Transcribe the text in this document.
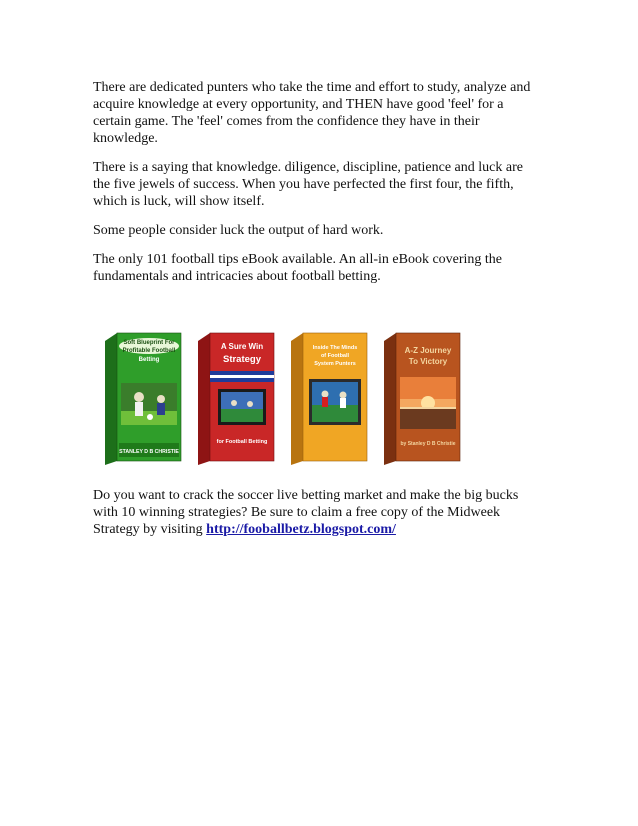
There are dedicated punters who take the time and effort to study, analyze and acquire knowledge at every opportunity, and THEN have good 'feel' for a certain game. The 'feel' comes from the confidence they have in their knowledge.

There is a saying that knowledge. diligence, discipline, patience and luck are the five jewels of success. When you have perfected the first four, the fifth, which is luck, will show itself.

Some people consider luck the output of hard work.

The only 101 football tips eBook available. An all-in eBook covering the fundamentals and intricacies about football betting.

Soft Blueprint For
Profitable Football
Betting
STANLEY D B CHRISTIE
A Sure Win
Strategy
for Football Betting
Inside The Minds
of Football
System Punters
A-Z Journey
To Victory
by Stanley D B Christie

Do you want to crack the soccer live betting market and make the big bucks with 10 winning strategies? Be sure to claim a free copy of the Midweek Strategy by visiting http://fooballbetz.blogspot.com/
